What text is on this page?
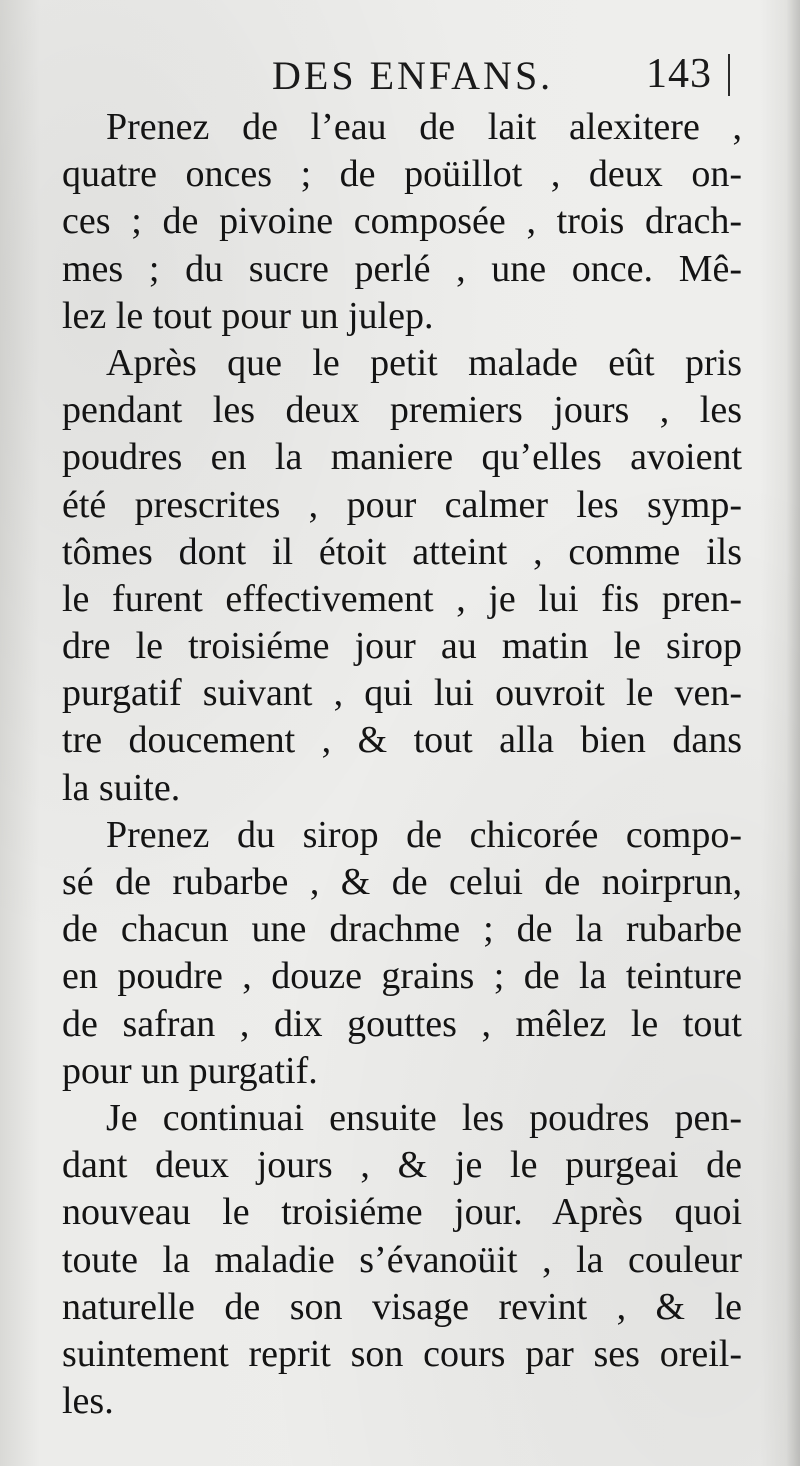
DES ENFANS. 143
Prenez de l’eau de lait alexitere ,
quatre onces ; de poüillot , deux on-
ces ; de pivoine composée , trois drach-
mes ; du sucre perlé , une once. Mê-
lez le tout pour un julep.
Après que le petit malade eût pris
pendant les deux premiers jours , les
poudres en la maniere qu’elles avoient
été prescrites , pour calmer les symp-
tômes dont il étoit atteint , comme ils
le furent effectivement , je lui fis pren-
dre le troisiéme jour au matin le sirop
purgatif suivant , qui lui ouvroit le ven-
tre doucement , & tout alla bien dans
la suite.
Prenez du sirop de chicorée compo-
sé de rubarbe , & de celui de noirprun,
de chacun une drachme ; de la rubarbe
en poudre , douze grains ; de la teinture
de safran , dix gouttes , mêlez le tout
pour un purgatif.
Je continuai ensuite les poudres pen-
dant deux jours , & je le purgeai de
nouveau le troisiéme jour. Après quoi
toute la maladie s’évanoüit , la couleur
naturelle de son visage revint , & le
suintement reprit son cours par ses oreil-
les.
